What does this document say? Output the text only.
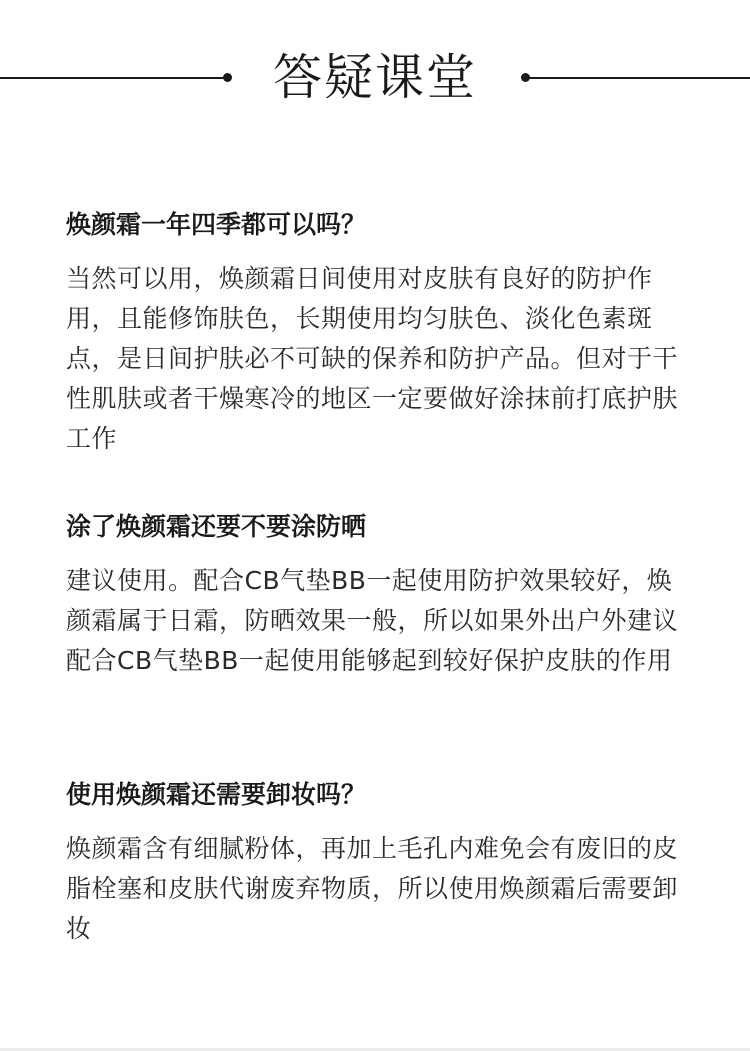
答疑课堂

焕颜霜一年四季都可以吗？

当然可以用，焕颜霜日间使用对皮肤有良好的防护作用，且能修饰肤色，长期使用均匀肤色、淡化色素斑点，是日间护肤必不可缺的保养和防护产品。但对于干性肌肤或者干燥寒冷的地区一定要做好涂抹前打底护肤工作

涂了焕颜霜还要不要涂防晒

建议使用。配合CB气垫BB一起使用防护效果较好，焕颜霜属于日霜，防晒效果一般，所以如果外出户外建议配合CB气垫BB一起使用能够起到较好保护皮肤的作用

使用焕颜霜还需要卸妆吗？

焕颜霜含有细腻粉体，再加上毛孔内难免会有废旧的皮脂栓塞和皮肤代谢废弃物质，所以使用焕颜霜后需要卸妆
